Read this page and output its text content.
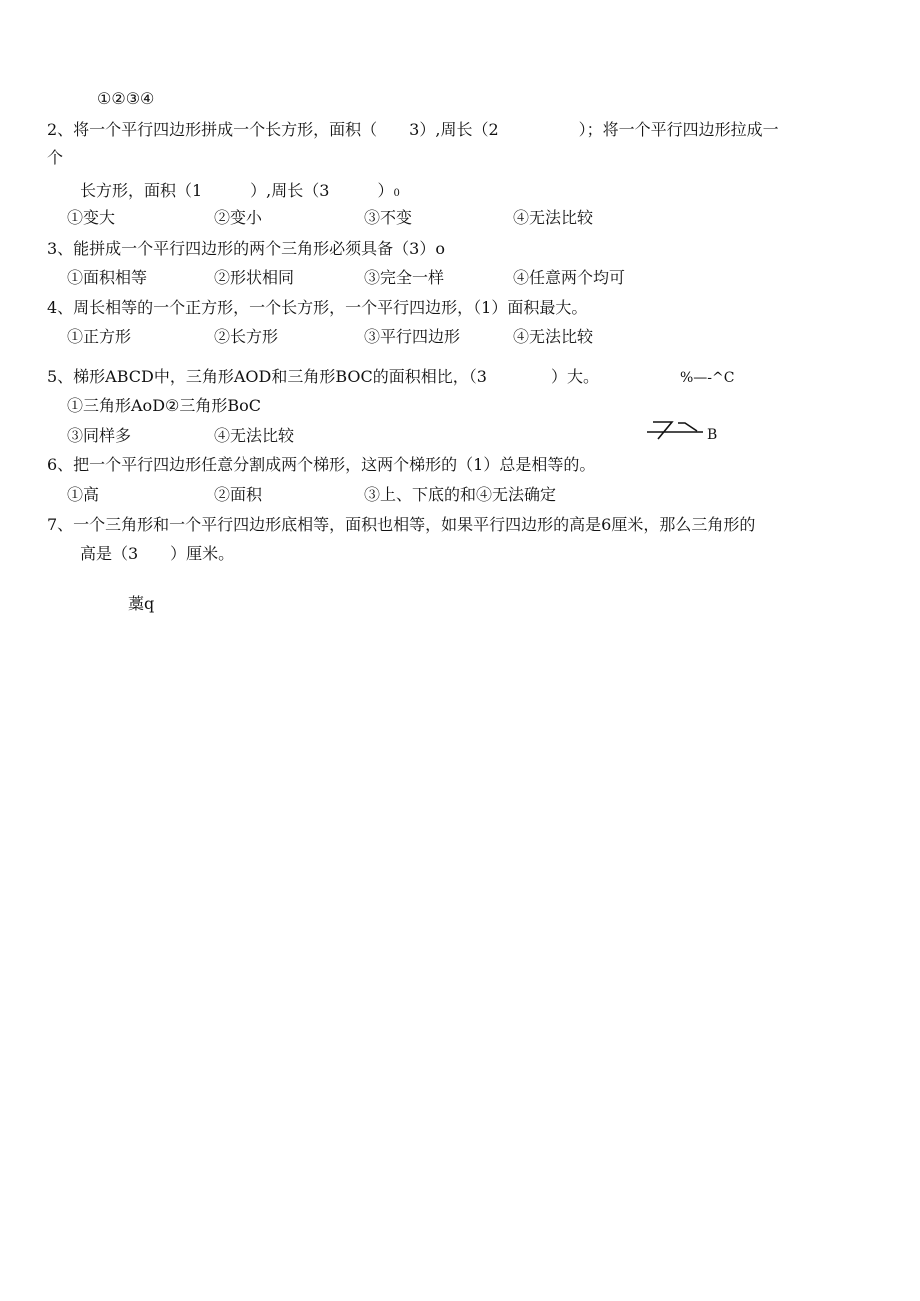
①②③④
2、将一个平行四边形拼成一个长方形，面积（　　3）,周长（2　　　　　）；将一个平行四边形拉成一
个
长方形，面积（1　　　）,周长（3　　　）0
①变大	②变小	③不变	④无法比较
3、能拼成一个平行四边形的两个三角形必须具备（3）o
①面积相等	②形状相同	③完全一样	④任意两个均可
4、周长相等的一个正方形，一个长方形，一个平行四边形，（1）面积最大。
①正方形	②长方形	③平行四边形	④无法比较
5、梯形ABCD中，三角形AOD和三角形BOC的面积相比，（3　　　　）大。	%—-^C
①三角形AoD②三角形BoC
③同样多	④无法比较	B
6、把一个平行四边形任意分割成两个梯形，这两个梯形的（1）总是相等的。
①高	②面积	③上、下底的和④无法确定
7、一个三角形和一个平行四边形底相等，面积也相等，如果平行四边形的高是6厘米，那么三角形的
高是（3　　）厘米。
藁q
